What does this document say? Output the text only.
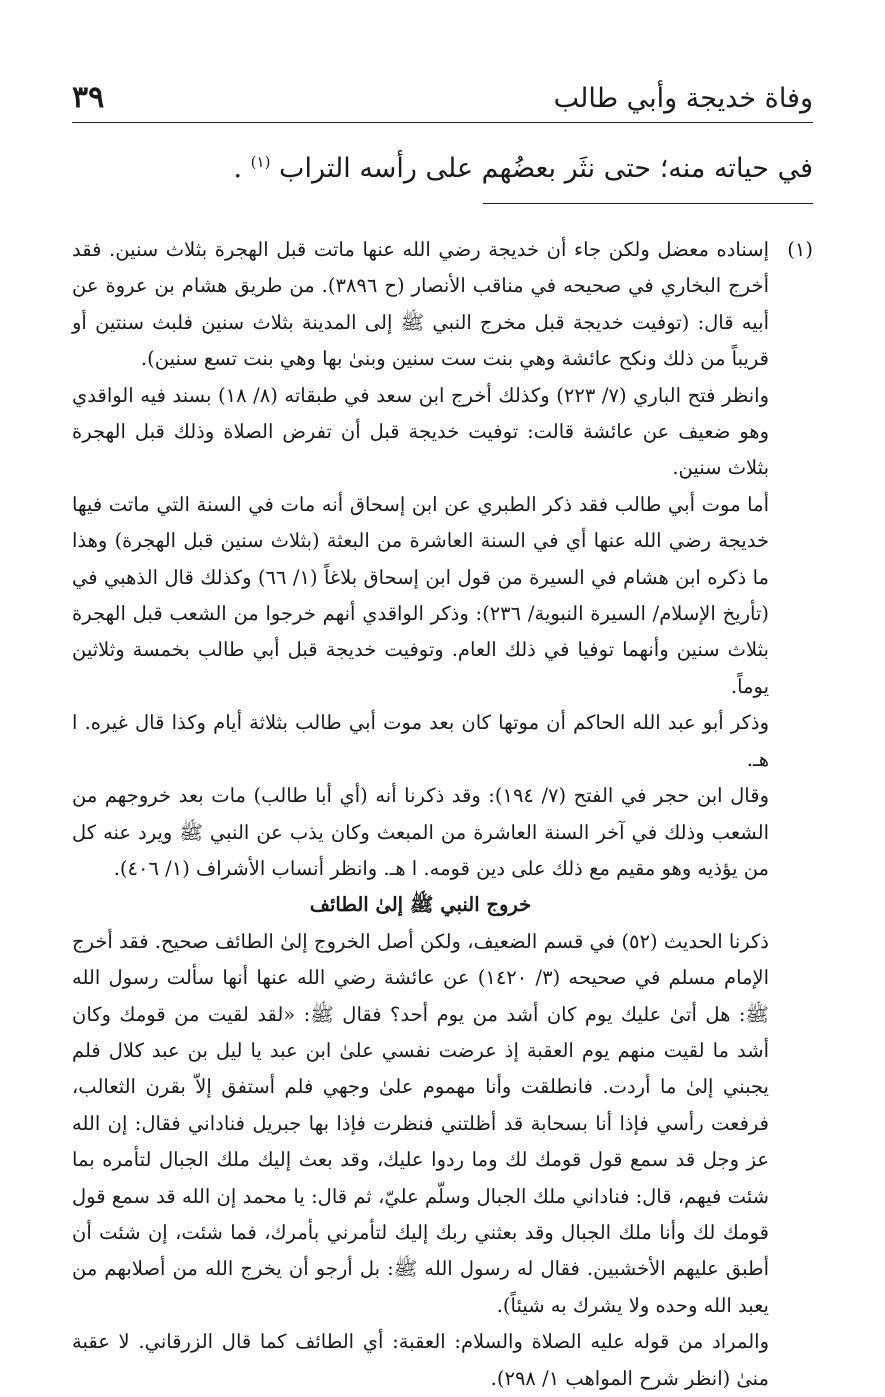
وفاة خديجة وأبي طالب
٣٩

في حياته منه؛ حتى نثَر بعضُهم على رأسه التراب $^{(١)}$ .

(١)

إسناده معضل ولكن جاء أن خديجة رضي الله عنها ماتت قبل الهجرة بثلاث سنين. فقد أخرج البخاري في صحيحه في مناقب الأنصار (ح ٣٨٩٦). من طريق هشام بن عروة عن أبيه قال: (توفيت خديجة قبل مخرج النبي ﷺ إلى المدينة بثلاث سنين فلبث سنتين أو قريباً من ذلك ونكح عائشة وهي بنت ست سنين وبنىٰ بها وهي بنت تسع سنين).

وانظر فتح الباري (٧/ ٢٢٣) وكذلك أخرج ابن سعد في طبقاته (٨/ ١٨) بسند فيه الواقدي وهو ضعيف عن عائشة قالت: توفيت خديجة قبل أن تفرض الصلاة وذلك قبل الهجرة بثلاث سنين.

أما موت أبي طالب فقد ذكر الطبري عن ابن إسحاق أنه مات في السنة التي ماتت فيها خديجة رضي الله عنها أي في السنة العاشرة من البعثة (بثلاث سنين قبل الهجرة) وهذا ما ذكره ابن هشام في السيرة من قول ابن إسحاق بلاغاً (١/ ٦٦) وكذلك قال الذهبي في (تأريخ الإسلام/ السيرة النبوية/ ٢٣٦): وذكر الواقدي أنهم خرجوا من الشعب قبل الهجرة بثلاث سنين وأنهما توفيا في ذلك العام. وتوفيت خديجة قبل أبي طالب بخمسة وثلاثين يوماً.

وذكر أبو عبد الله الحاكم أن موتها كان بعد موت أبي طالب بثلاثة أيام وكذا قال غيره. ا هـ.

وقال ابن حجر في الفتح (٧/ ١٩٤): وقد ذكرنا أنه (أي أبا طالب) مات بعد خروجهم من الشعب وذلك في آخر السنة العاشرة من المبعث وكان يذب عن النبي ﷺ ويرد عنه كل من يؤذيه وهو مقيم مع ذلك على دين قومه. ا هـ. وانظر أنساب الأشراف (١/ ٤٠٦).

خروج النبي ﷺ إلىٰ الطائف

ذكرنا الحديث (٥٢) في قسم الضعيف، ولكن أصل الخروج إلىٰ الطائف صحيح. فقد أخرج الإمام مسلم في صحيحه (٣/ ١٤٢٠) عن عائشة رضي الله عنها أنها سألت رسول الله ﷺ: هل أتىٰ عليك يوم كان أشد من يوم أحد؟ فقال ﷺ: «لقد لقيت من قومك وكان أشد ما لقيت منهم يوم العقبة إذ عرضت نفسي علىٰ ابن عبد يا ليل بن عبد كلال فلم يجبني إلىٰ ما أردت. فانطلقت وأنا مهموم علىٰ وجهي فلم أستفق إلاّ بقرن الثعالب، فرفعت رأسي فإذا أنا بسحابة قد أظلتني فنظرت فإذا بها جبريل فناداني فقال: إن الله عز وجل قد سمع قول قومك لك وما ردوا عليك، وقد بعث إليك ملك الجبال لتأمره بما شئت فيهم، قال: فناداني ملك الجبال وسلّم عليّ، ثم قال: يا محمد إن الله قد سمع قول قومك لك وأنا ملك الجبال وقد بعثني ربك إليك لتأمرني بأمرك، فما شئت، إن شئت أن أطبق عليهم الأخشبين. فقال له رسول الله ﷺ: بل أرجو أن يخرج الله من أصلابهم من يعبد الله وحده ولا يشرك به شيئاً).

والمراد من قوله عليه الصلاة والسلام: العقبة: أي الطائف كما قال الزرقاني. لا عقبة منىٰ (انظر شرح المواهب ١/ ٢٩٨).
